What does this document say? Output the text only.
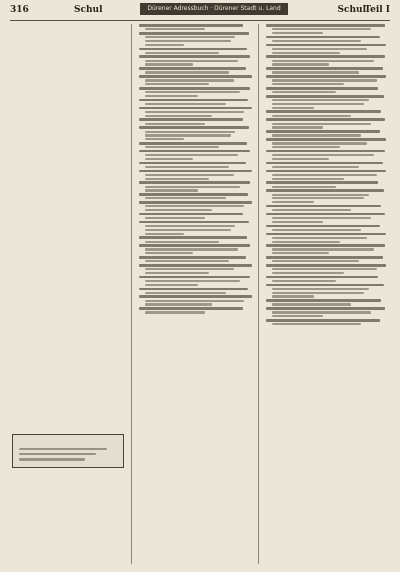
316	Schul	Schul
Teil I
Dürener Adressbuch · Dürener Stadt u. Land
